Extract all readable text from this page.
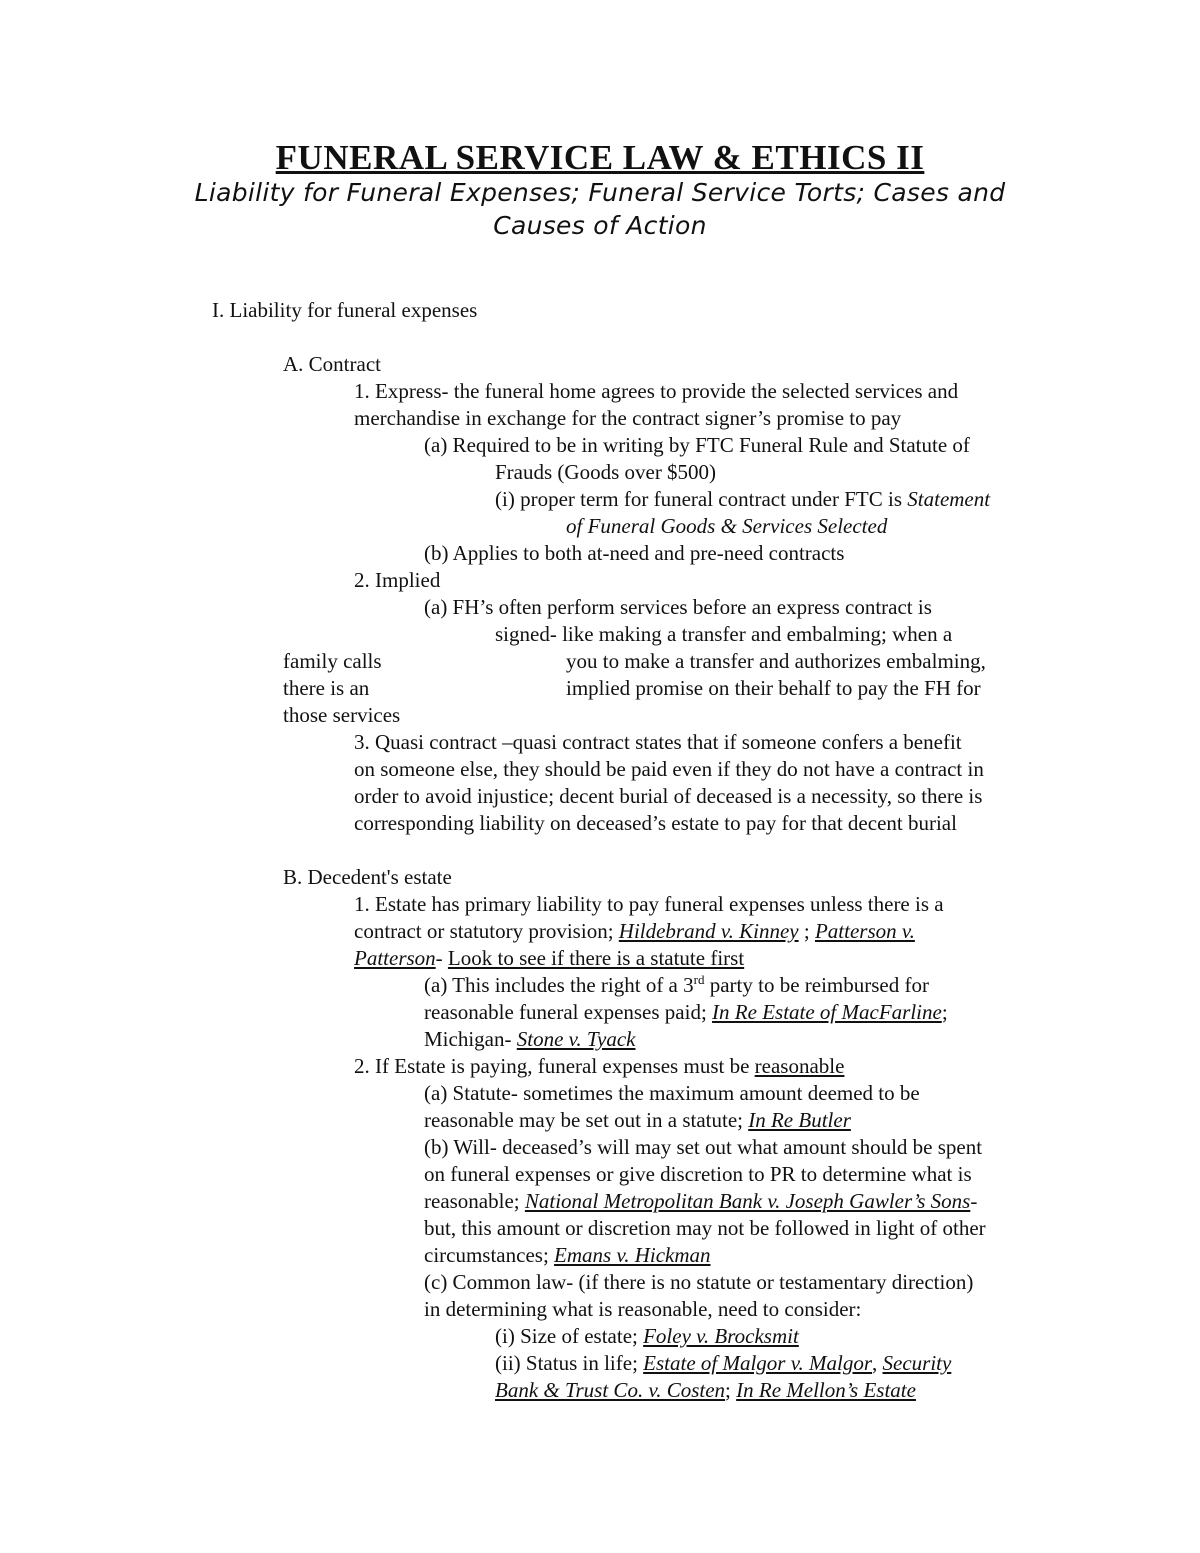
FUNERAL SERVICE LAW & ETHICS II
Liability for Funeral Expenses; Funeral Service Torts; Cases and
Causes of Action
I. Liability for funeral expenses
A. Contract
1. Express- the funeral home agrees to provide the selected services and
merchandise in exchange for the contract signer’s promise to pay
(a) Required to be in writing by FTC Funeral Rule and Statute of
Frauds (Goods over $500)
(i) proper term for funeral contract under FTC is Statement
of Funeral Goods & Services Selected
(b) Applies to both at-need and pre-need contracts
2. Implied
(a) FH’s often perform services before an express contract is
signed- like making a transfer and embalming; when a
family calls	you to make a transfer and authorizes embalming,
there is an	implied promise on their behalf to pay the FH for
those services
3. Quasi contract –quasi contract states that if someone confers a benefit
on someone else, they should be paid even if they do not have a contract in
order to avoid injustice; decent burial of deceased is a necessity, so there is
corresponding liability on deceased’s estate to pay for that decent burial
B. Decedent's estate
1. Estate has primary liability to pay funeral expenses unless there is a
contract or statutory provision; Hildebrand v. Kinney ; Patterson v.
Patterson- Look to see if there is a statute first
(a) This includes the right of a 3rd party to be reimbursed for
reasonable funeral expenses paid; In Re Estate of MacFarline;
Michigan- Stone v. Tyack
2. If Estate is paying, funeral expenses must be reasonable
(a) Statute- sometimes the maximum amount deemed to be
reasonable may be set out in a statute; In Re Butler
(b) Will- deceased’s will may set out what amount should be spent
on funeral expenses or give discretion to PR to determine what is
reasonable; National Metropolitan Bank v. Joseph Gawler’s Sons-
but, this amount or discretion may not be followed in light of other
circumstances; Emans v. Hickman
(c) Common law- (if there is no statute or testamentary direction)
in determining what is reasonable, need to consider:
(i) Size of estate; Foley v. Brocksmit
(ii) Status in life; Estate of Malgor v. Malgor, Security
Bank & Trust Co. v. Costen; In Re Mellon’s Estate
